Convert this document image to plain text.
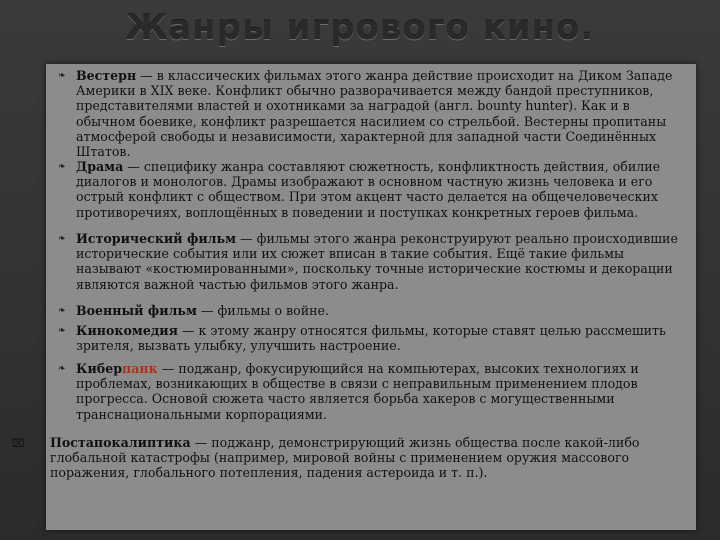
Жанры игрового кино.
❧ Вестерн — в классических фильмах этого жанра действие происходит на Диком Западе Америки в XIX веке. Конфликт обычно разворачивается между бандой преступников, представителями властей и охотниками за наградой (англ. bounty hunter). Как и в обычном боевике, конфликт разрешается насилием со стрельбой. Вестерны пропитаны атмосферой свободы и независимости, характерной для западной части Соединённых Штатов.
❧ Драма — специфику жанра составляют сюжетность, конфликтность действия, обилие диалогов и монологов. Драмы изображают в основном частную жизнь человека и его острый конфликт с обществом. При этом акцент часто делается на общечеловеческих противоречиях, воплощённых в поведении и поступках конкретных героев фильма.
❧ Исторический фильм — фильмы этого жанра реконструируют реально происходившие исторические события или их сюжет вписан в такие события. Ещё такие фильмы называют «костюмированными», поскольку точные исторические костюмы и декорации являются важной частью фильмов этого жанра.
❧ Военный фильм — фильмы о войне.
❧ Кинокомедия — к этому жанру относятся фильмы, которые ставят целью рассмешить зрителя, вызвать улыбку, улучшить настроение.
❧ Киберпанк — поджанр, фокусирующийся на компьютерах, высоких технологиях и проблемах, возникающих в обществе в связи с неправильным применением плодов прогресса. Основой сюжета часто является борьба хакеров с могущественными транснациональными корпорациями.
⌧ Постапокалиптика — поджанр, демонстрирующий жизнь общества после какой-либо глобальной катастрофы (например, мировой войны с применением оружия массового поражения, глобального потепления, падения астероида и т. п.).
